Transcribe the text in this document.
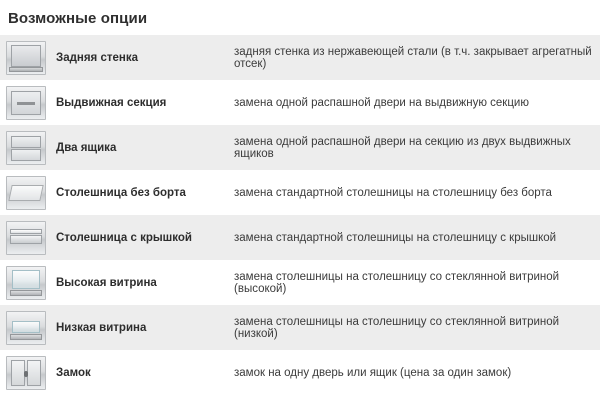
Возможные опции
	Задняя стенка	задняя стенка из нержавеющей стали (в т.ч. закрывает агрегатный отсек)

	Выдвижная секция	замена одной распашной двери на выдвижную секцию

	Два ящика	замена одной распашной двери на секцию из двух выдвижных ящиков

	Столешница без борта	замена стандартной столешницы на столешницу без борта

	Столешница с крышкой	замена стандартной столешницы на столешницу с крышкой

	Высокая витрина	замена столешницы на столешницу со стеклянной витриной (высокой)

	Низкая витрина	замена столешницы на столешницу со стеклянной витриной (низкой)

	Замок	замок на одну дверь или ящик (цена за один замок)
